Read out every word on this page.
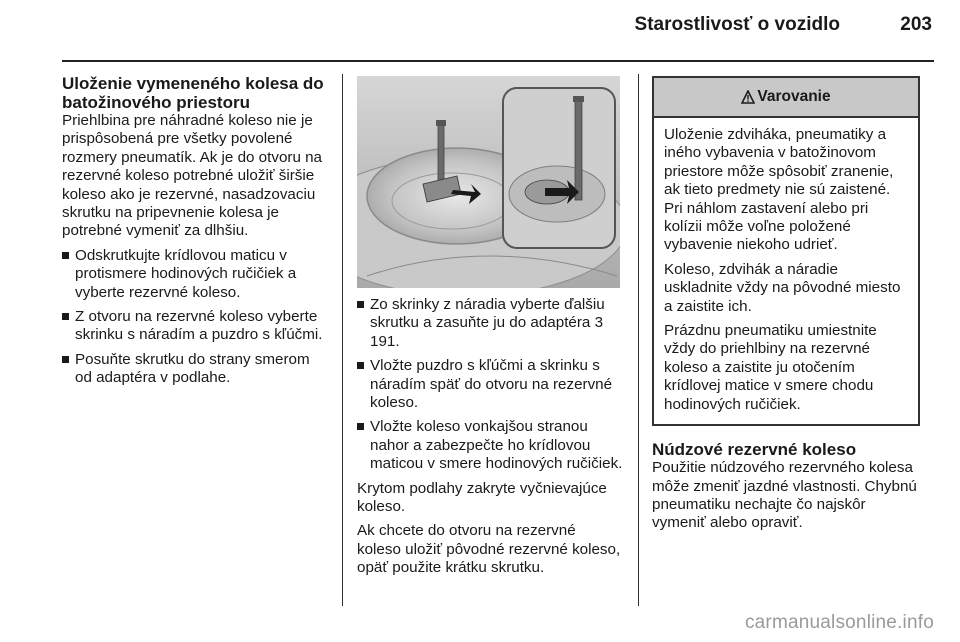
Starostlivosť o vozidlo	203
Uloženie vymeneného kolesa do batožinového priestoru

Priehlbina pre náhradné koleso nie je prispôsobená pre všetky povolené rozmery pneumatík. Ak je do otvoru na rezervné koleso potrebné uložiť širšie koleso ako je rezervné, nasadzovaciu skrutku na pripevnenie kolesa je potrebné vymeniť za dlhšiu.

Odskrutkujte krídlovou maticu v protismere hodinových ručičiek a vyberte rezervné koleso.
Z otvoru na rezervné koleso vyberte skrinku s náradím a puzdro s kľúčmi.
Posuňte skrutku do strany smerom od adaptéra v podlahe.
Zo skrinky z náradia vyberte ďalšiu skrutku a zasuňte ju do adaptéra 3 191.
Vložte puzdro s kľúčmi a skrinku s náradím späť do otvoru na rezervné koleso.
Vložte koleso vonkajšou stranou nahor a zabezpečte ho krídlovou maticou v smere hodinových ručičiek.

Krytom podlahy zakryte vyčnievajúce koleso.

Ak chcete do otvoru na rezervné koleso uložiť pôvodné rezervné koleso, opäť použite krátku skrutku.

Varovanie

Uloženie zdviháka, pneumatiky a iného vybavenia v batožinovom priestore môže spôsobiť zranenie, ak tieto predmety nie sú zaistené. Pri náhlom zastavení alebo pri kolízii môže voľne položené vybavenie niekoho udrieť.

Koleso, zdvihák a náradie uskladnite vždy na pôvodné miesto a zaistite ich.

Prázdnu pneumatiku umiestnite vždy do priehlbiny na rezervné koleso a zaistite ju otočením krídlovej matice v smere chodu hodinových ručičiek.

Núdzové rezervné koleso

Použitie núdzového rezervného kolesa môže zmeniť jazdné vlastnosti. Chybnú pneumatiku nechajte čo najskôr vymeniť alebo opraviť.

carmanualsonline.info
